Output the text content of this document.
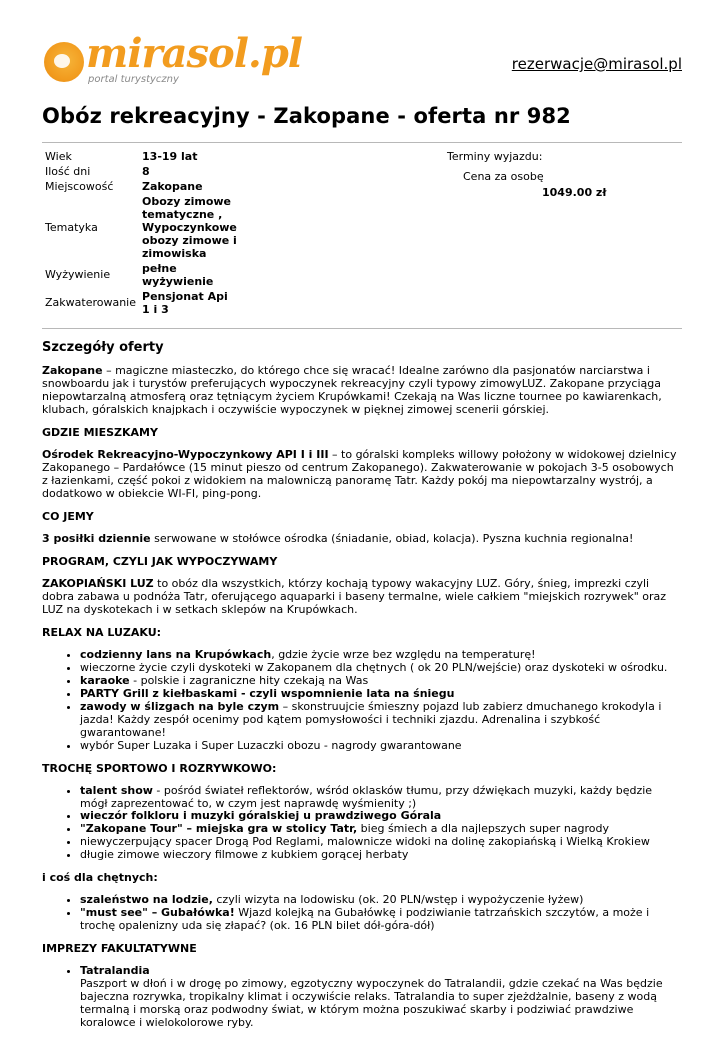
mirasol.pl
portal turystyczny
rezerwacje@mirasol.pl
Obóz rekreacyjny - Zakopane - oferta nr 982
Wiek	13-19 lat
Ilość dni	8
Miejscowość	Zakopane
Tematyka	Obozy zimowe tematyczne , Wypoczynkowe obozy zimowe i zimowiska
Wyżywienie	pełne wyżywienie
Zakwaterowanie	Pensjonat Api 1 i 3
Terminy wyjazdu:
Cena za osobę
1049.00 zł
Szczegóły oferty

Zakopane – magiczne miasteczko, do którego chce się wracać! Idealne zarówno dla pasjonatów narciarstwa i snowboardu jak i turystów preferujących wypoczynek rekreacyjny czyli typowy zimowyLUZ. Zakopane przyciąga niepowtarzalną atmosferą oraz tętniącym życiem Krupówkami! Czekają na Was liczne tournee po kawiarenkach, klubach, góralskich knajpkach i oczywiście wypoczynek w pięknej zimowej scenerii górskiej.

GDZIE MIESZKAMY

Ośrodek Rekreacyjno-Wypoczynkowy API I i III – to góralski kompleks willowy położony w widokowej dzielnicy Zakopanego – Pardałówce (15 minut pieszo od centrum Zakopanego). Zakwaterowanie w pokojach 3-5 osobowych z łazienkami, część pokoi z widokiem na malowniczą panoramę Tatr. Każdy pokój ma niepowtarzalny wystrój, a dodatkowo w obiekcie WI-FI, ping-pong.

CO JEMY

3 posiłki dziennie serwowane w stołówce ośrodka (śniadanie, obiad, kolacja). Pyszna kuchnia regionalna!

PROGRAM, CZYLI JAK WYPOCZYWAMY

ZAKOPIAŃSKI LUZ to obóz dla wszystkich, którzy kochają typowy wakacyjny LUZ. Góry, śnieg, imprezki czyli dobra zabawa u podnóża Tatr, oferującego aquaparki i baseny termalne, wiele całkiem "miejskich rozrywek" oraz LUZ na dyskotekach i w setkach sklepów na Krupówkach.

RELAX NA LUZAKU:
• codzienny lans na Krupówkach, gdzie życie wrze bez względu na temperaturę!
• wieczorne życie czyli dyskoteki w Zakopanem dla chętnych ( ok 20 PLN/wejście) oraz dyskoteki w ośrodku.
• karaoke - polskie i zagraniczne hity czekają na Was
• PARTY Grill z kiełbaskami - czyli wspomnienie lata na śniegu
• zawody w ślizgach na byle czym – skonstruujcie śmieszny pojazd lub zabierz dmuchanego krokodyla i jazda! Każdy zespół ocenimy pod kątem pomysłowości i techniki zjazdu. Adrenalina i szybkość gwarantowane!
• wybór Super Luzaka i Super Luzaczki obozu - nagrody gwarantowane
TROCHĘ SPORTOWO I ROZRYWKOWO:
• talent show - pośród świateł reflektorów, wśród oklasków tłumu, przy dźwiękach muzyki, każdy będzie mógł zaprezentować to, w czym jest naprawdę wyśmienity ;)
• wieczór folkloru i muzyki góralskiej u prawdziwego Górala
• "Zakopane Tour" – miejska gra w stolicy Tatr, bieg śmiech a dla najlepszych super nagrody
• niewyczerpujący spacer Drogą Pod Reglami, malownicze widoki na dolinę zakopiańską i Wielką Krokiew
• długie zimowe wieczory filmowe z kubkiem gorącej herbaty
i coś dla chętnych:
• szaleństwo na lodzie, czyli wizyta na lodowisku (ok. 20 PLN/wstęp i wypożyczenie łyżew)
• "must see" – Gubałówka! Wjazd kolejką na Gubałówkę i podziwianie tatrzańskich szczytów, a może i trochę opalenizny uda się złapać? (ok. 16 PLN bilet dół-góra-dół)
IMPREZY FAKULTATYWNE
• Tatralandia
Paszport w dłoń i w drogę po zimowy, egzotyczny wypoczynek do Tatralandii, gdzie czekać na Was będzie bajeczna rozrywka, tropikalny klimat i oczywiście relaks. Tatralandia to super zjeżdżalnie, baseny z wodą termalną i morską oraz podwodny świat, w którym można poszukiwać skarby i podziwiać prawdziwe koralowce i wielokolorowe ryby.
